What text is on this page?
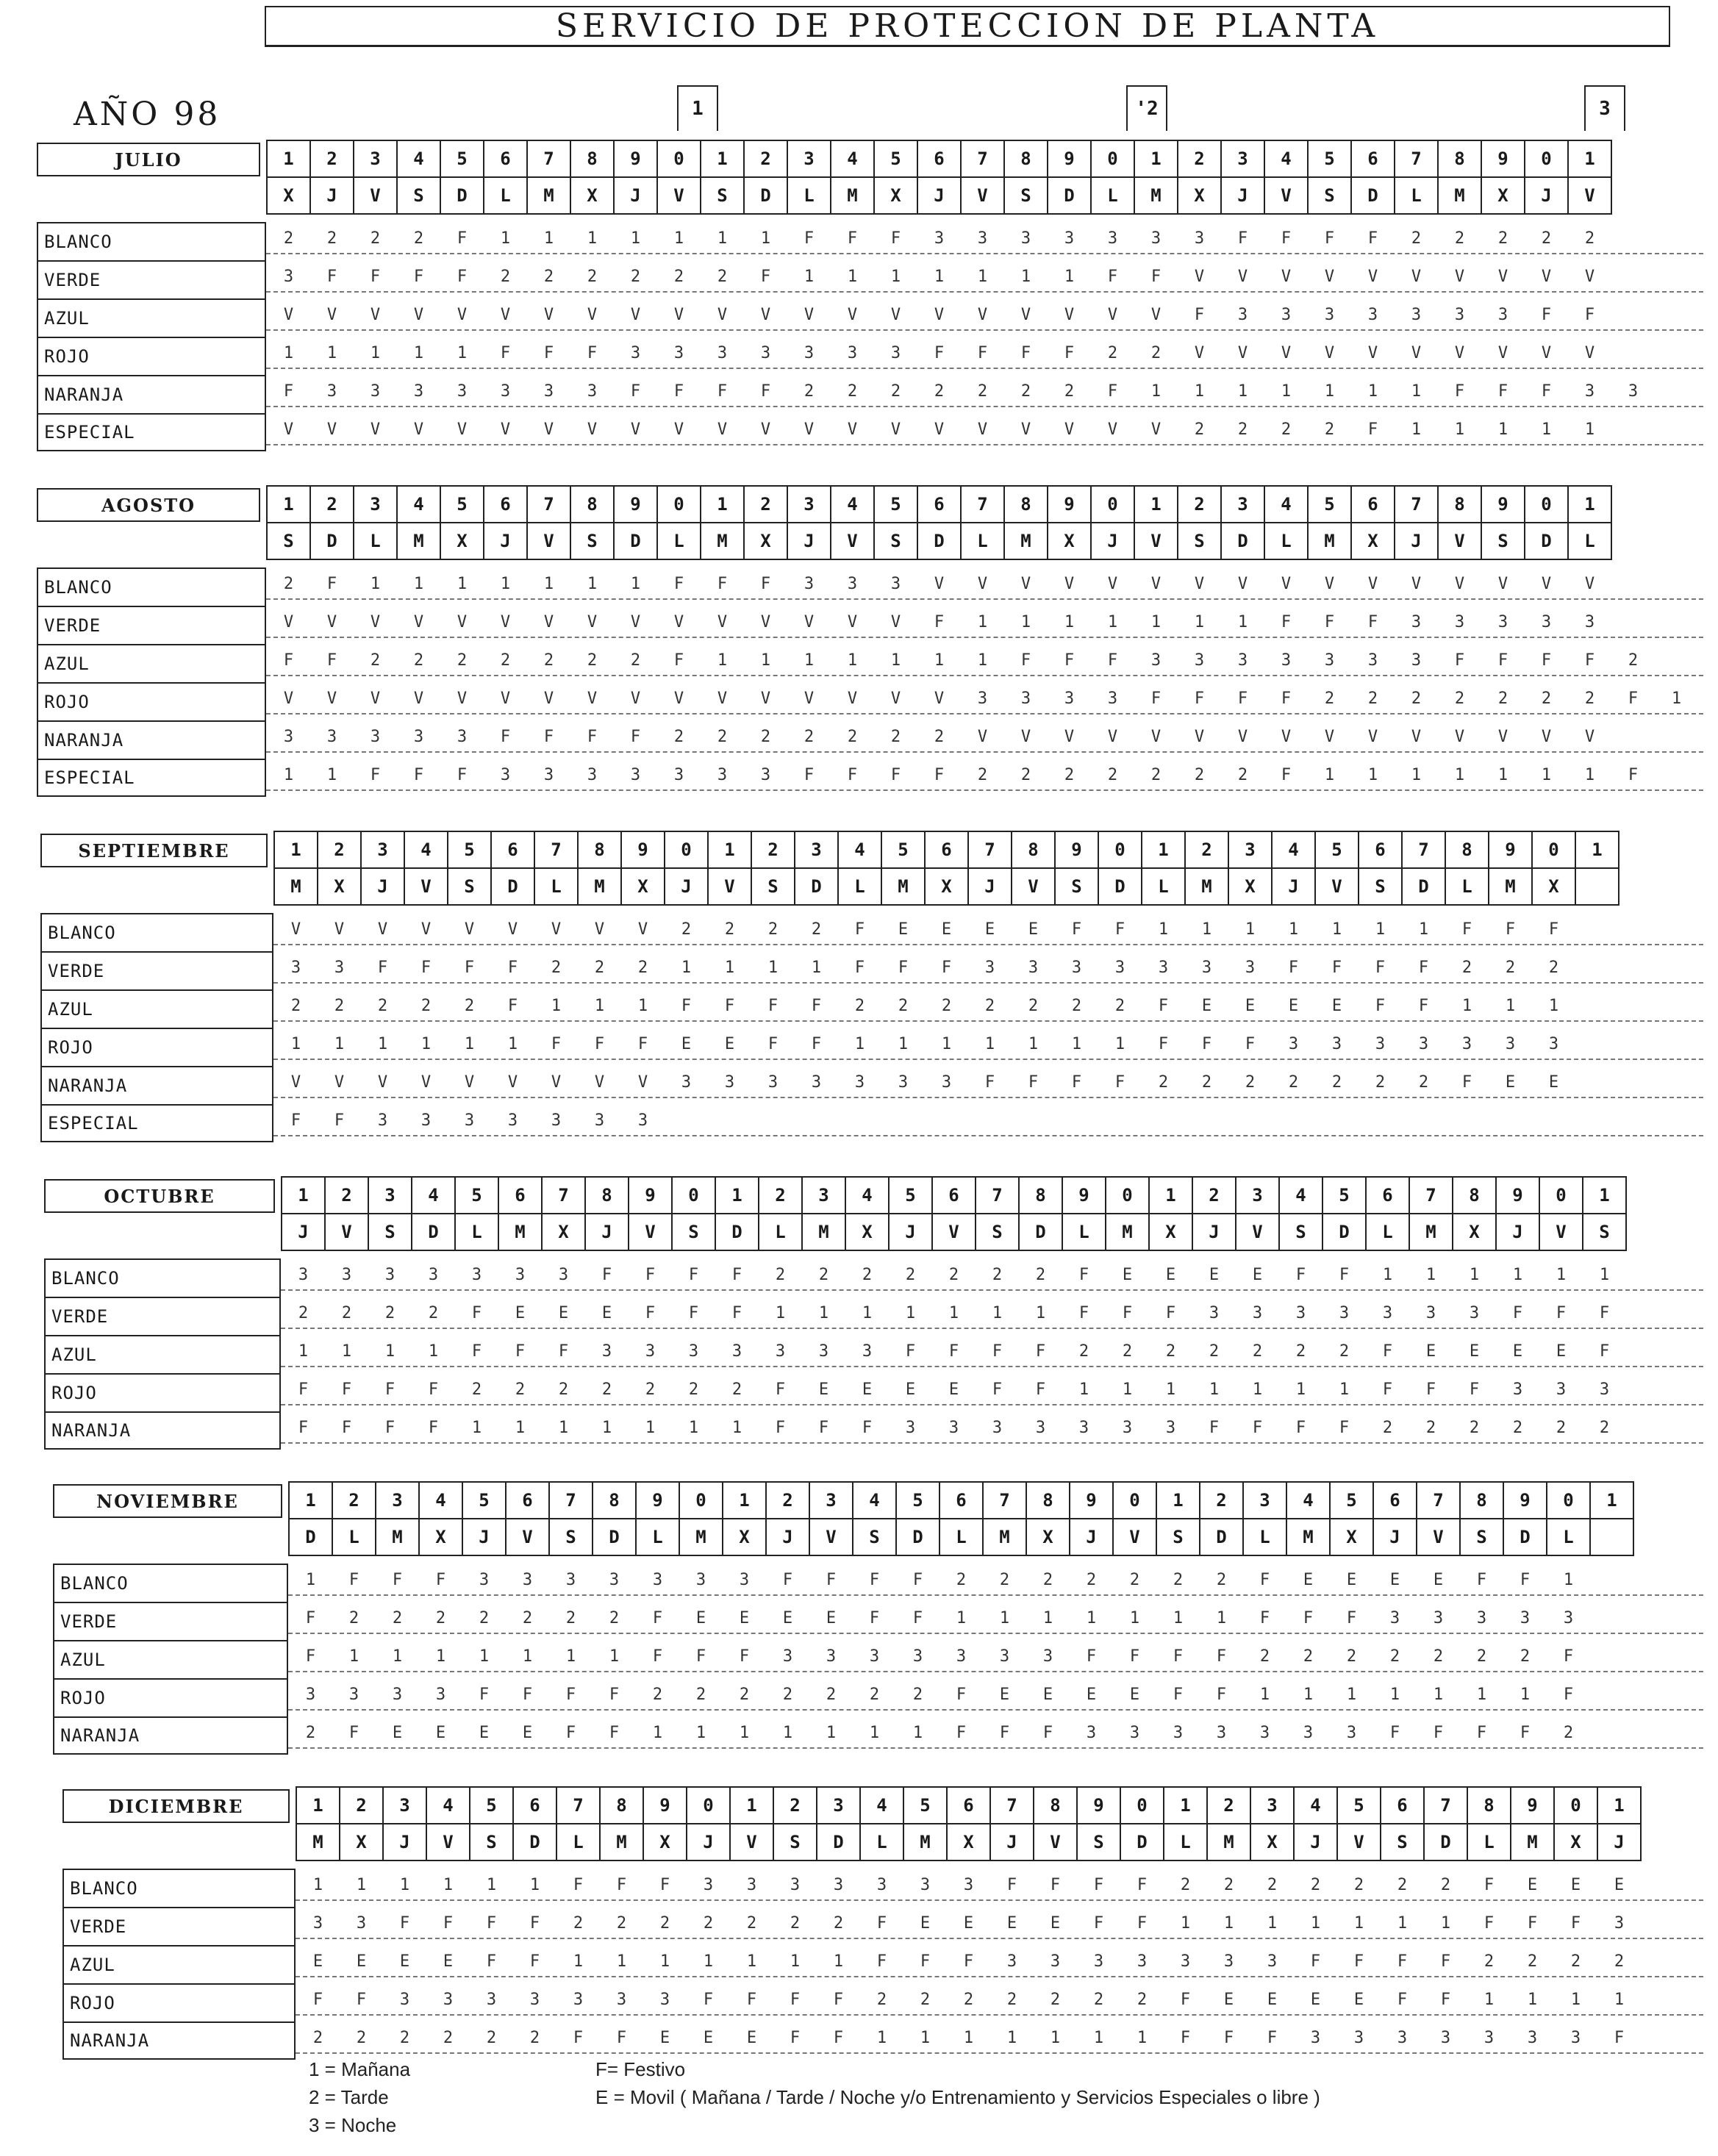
SERVICIO DE PROTECCION DE PLANTA
AÑO 98	1	'2	3
JULIO	1	2	3	4	5	6	7	8	9	0	1	2	3	4	5	6	7	8	9	0	1	2	3	4	5	6	7	8	9	0	1
X	J	V	S	D	L	M	X	J	V	S	D	L	M	X	J	V	S	D	L	M	X	J	V	S	D	L	M	X	J	V
BLANCO	2	2	2	2	F	1	1	1	1	1	1	1	F	F	F	3	3	3	3	3	3	3	F	F	F	F	2	2	2	2	2
VERDE	3	F	F	F	F	2	2	2	2	2	2	F	1	1	1	1	1	1	1	F	F	V	V	V	V	V	V	V	V	V	V
AZUL	V	V	V	V	V	V	V	V	V	V	V	V	V	V	V	V	V	V	V	V	V	F	3	3	3	3	3	3	3	F	F
ROJO	1	1	1	1	1	F	F	F	3	3	3	3	3	3	3	F	F	F	F	2	2	V	V	V	V	V	V	V	V	V	V
NARANJA	F	3	3	3	3	3	3	3	F	F	F	F	2	2	2	2	2	2	2	F	1	1	1	1	1	1	1	F	F	F	3	3
ESPECIAL	V	V	V	V	V	V	V	V	V	V	V	V	V	V	V	V	V	V	V	V	V	2	2	2	2	F	1	1	1	1	1
AGOSTO	1	2	3	4	5	6	7	8	9	0	1	2	3	4	5	6	7	8	9	0	1	2	3	4	5	6	7	8	9	0	1
S	D	L	M	X	J	V	S	D	L	M	X	J	V	S	D	L	M	X	J	V	S	D	L	M	X	J	V	S	D	L
BLANCO	2	F	1	1	1	1	1	1	1	F	F	F	3	3	3	V	V	V	V	V	V	V	V	V	V	V	V	V	V	V	V
VERDE	V	V	V	V	V	V	V	V	V	V	V	V	V	V	V	F	1	1	1	1	1	1	1	F	F	F	3	3	3	3	3
AZUL	F	F	2	2	2	2	2	2	2	F	1	1	1	1	1	1	1	F	F	F	3	3	3	3	3	3	3	F	F	F	F	2
ROJO	V	V	V	V	V	V	V	V	V	V	V	V	V	V	V	V	3	3	3	3	F	F	F	F	2	2	2	2	2	2	2	F	1
NARANJA	3	3	3	3	3	F	F	F	F	2	2	2	2	2	2	2	V	V	V	V	V	V	V	V	V	V	V	V	V	V	V
ESPECIAL	1	1	F	F	F	3	3	3	3	3	3	3	F	F	F	F	2	2	2	2	2	2	2	F	1	1	1	1	1	1	1	F
SEPTIEMBRE	1	2	3	4	5	6	7	8	9	0	1	2	3	4	5	6	7	8	9	0	1	2	3	4	5	6	7	8	9	0	1
M	X	J	V	S	D	L	M	X	J	V	S	D	L	M	X	J	V	S	D	L	M	X	J	V	S	D	L	M	X
BLANCO	V	V	V	V	V	V	V	V	V	2	2	2	2	F	E	E	E	E	F	F	1	1	1	1	1	1	1	F	F	F
VERDE	3	3	F	F	F	F	2	2	2	1	1	1	1	F	F	F	3	3	3	3	3	3	3	F	F	F	F	2	2	2
AZUL	2	2	2	2	2	F	1	1	1	F	F	F	F	2	2	2	2	2	2	2	F	E	E	E	E	F	F	1	1	1
ROJO	1	1	1	1	1	1	F	F	F	E	E	F	F	1	1	1	1	1	1	1	F	F	F	3	3	3	3	3	3	3
NARANJA	V	V	V	V	V	V	V	V	V	3	3	3	3	3	3	3	F	F	F	F	2	2	2	2	2	2	2	F	E	E
ESPECIAL	F	F	3	3	3	3	3	3	3
OCTUBRE	1	2	3	4	5	6	7	8	9	0	1	2	3	4	5	6	7	8	9	0	1	2	3	4	5	6	7	8	9	0	1
J	V	S	D	L	M	X	J	V	S	D	L	M	X	J	V	S	D	L	M	X	J	V	S	D	L	M	X	J	V	S
BLANCO	3	3	3	3	3	3	3	F	F	F	F	2	2	2	2	2	2	2	F	E	E	E	E	F	F	1	1	1	1	1	1
VERDE	2	2	2	2	F	E	E	E	F	F	F	1	1	1	1	1	1	1	F	F	F	3	3	3	3	3	3	3	F	F	F
AZUL	1	1	1	1	F	F	F	3	3	3	3	3	3	3	F	F	F	F	2	2	2	2	2	2	2	F	E	E	E	E	F
ROJO	F	F	F	F	2	2	2	2	2	2	2	F	E	E	E	E	F	F	1	1	1	1	1	1	1	F	F	F	3	3	3
NARANJA	F	F	F	F	1	1	1	1	1	1	1	F	F	F	3	3	3	3	3	3	3	F	F	F	F	2	2	2	2	2	2
NOVIEMBRE	1	2	3	4	5	6	7	8	9	0	1	2	3	4	5	6	7	8	9	0	1	2	3	4	5	6	7	8	9	0	1
D	L	M	X	J	V	S	D	L	M	X	J	V	S	D	L	M	X	J	V	S	D	L	M	X	J	V	S	D	L
BLANCO	1	F	F	F	3	3	3	3	3	3	3	F	F	F	F	2	2	2	2	2	2	2	F	E	E	E	E	F	F	1
VERDE	F	2	2	2	2	2	2	2	F	E	E	E	E	F	F	1	1	1	1	1	1	1	F	F	F	3	3	3	3	3
AZUL	F	1	1	1	1	1	1	1	F	F	F	3	3	3	3	3	3	3	F	F	F	F	2	2	2	2	2	2	2	F
ROJO	3	3	3	3	F	F	F	F	2	2	2	2	2	2	2	F	E	E	E	E	F	F	1	1	1	1	1	1	1	F
NARANJA	2	F	E	E	E	E	F	F	1	1	1	1	1	1	1	F	F	F	3	3	3	3	3	3	3	F	F	F	F	2
DICIEMBRE	1	2	3	4	5	6	7	8	9	0	1	2	3	4	5	6	7	8	9	0	1	2	3	4	5	6	7	8	9	0	1
M	X	J	V	S	D	L	M	X	J	V	S	D	L	M	X	J	V	S	D	L	M	X	J	V	S	D	L	M	X	J
BLANCO	1	1	1	1	1	1	F	F	F	3	3	3	3	3	3	3	F	F	F	F	2	2	2	2	2	2	2	F	E	E	E
VERDE	3	3	F	F	F	F	2	2	2	2	2	2	2	F	E	E	E	E	F	F	1	1	1	1	1	1	1	F	F	F	3
AZUL	E	E	E	E	F	F	1	1	1	1	1	1	1	F	F	F	3	3	3	3	3	3	3	F	F	F	F	2	2	2	2
ROJO	F	F	3	3	3	3	3	3	3	F	F	F	F	2	2	2	2	2	2	2	F	E	E	E	E	F	F	1	1	1	1
NARANJA	2	2	2	2	2	2	F	F	E	E	E	F	F	1	1	1	1	1	1	1	F	F	F	3	3	3	3	3	3	3	F
1 = Mañana
2 = Tarde
3 = Noche
F= Festivo
E = Movil ( Mañana / Tarde / Noche y/o Entrenamiento y Servicios Especiales o libre )
